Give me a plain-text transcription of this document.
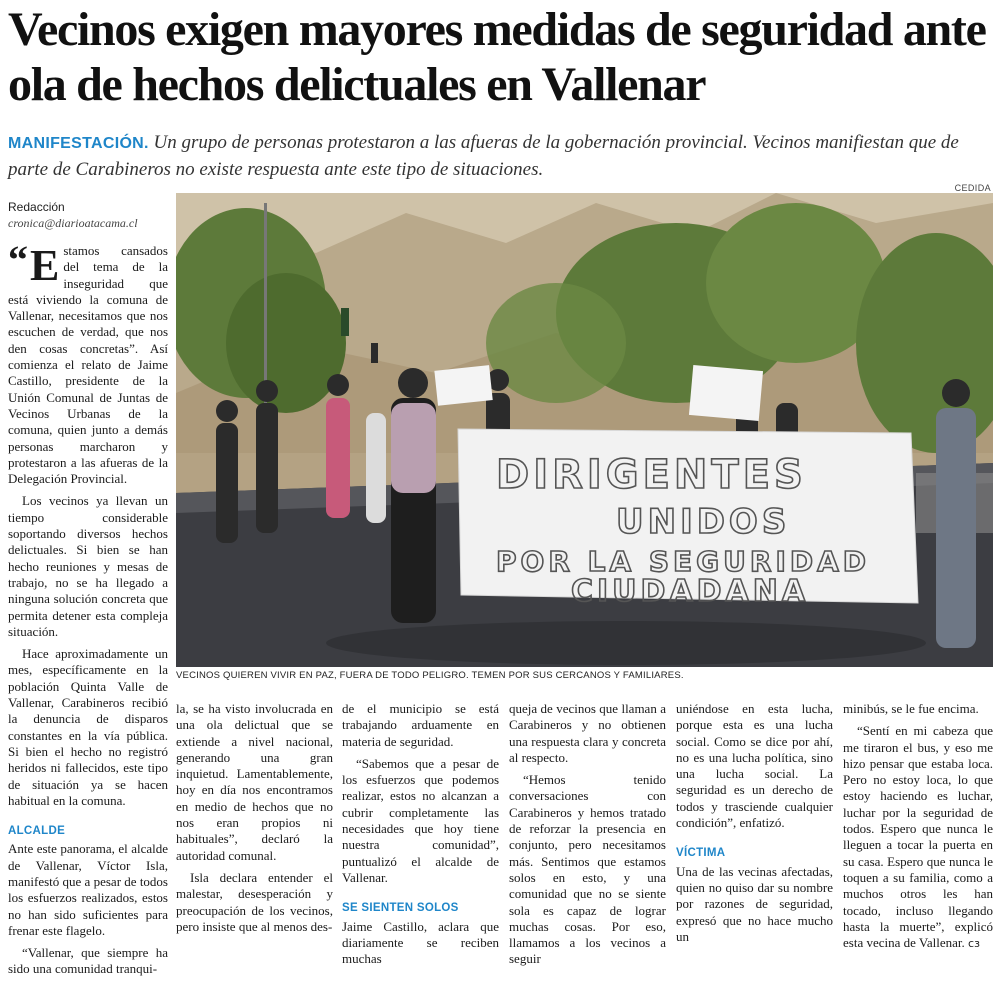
Vecinos exigen mayores medidas de seguridad ante ola de hechos delictuales en Vallenar
MANIFESTACIÓN. Un grupo de personas protestaron a las afueras de la gobernación provincial. Vecinos manifiestan que de parte de Carabineros no existe respuesta ante este tipo de situaciones.
Redacción
cronica@diarioatacama.cl
CEDIDA
DIRIGENTES
UNIDOS
POR LA SEGURIDAD
CIUDADANA
VECINOS QUIEREN VIVIR EN PAZ, FUERA DE TODO PELIGRO. TEMEN POR SUS CERCANOS Y FAMILIARES.

“ E stamos cansados del tema de la inseguridad que está viviendo la comuna de Vallenar, necesitamos que nos escuchen de verdad, que nos den cosas concretas”. Así comienza el relato de Jaime Castillo, presidente de la Unión Comunal de Juntas de Vecinos Urbanas de la comuna, quien junto a demás personas marcharon y protestaron a las afueras de la Delegación Provincial.

Los vecinos ya llevan un tiempo considerable soportando diversos hechos delictuales. Si bien se han hecho reuniones y mesas de trabajo, no se ha llegado a ninguna solución concreta que permita detener esta compleja situación.

Hace aproximadamente un mes, específicamente en la población Quinta Valle de Vallenar, Carabineros recibió la denuncia de disparos constantes en la vía pública. Si bien el hecho no registró heridos ni fallecidos, este tipo de situación ya se hacen habitual en la comuna.

ALCALDE

Ante este panorama, el alcalde de Vallenar, Víctor Isla, manifestó que a pesar de todos los esfuerzos realizados, estos no han sido suficientes para frenar este flagelo.

“Vallenar, que siempre ha sido una comunidad tranqui-

la, se ha visto involucrada en una ola delictual que se extiende a nivel nacional, generando una gran inquietud. Lamentablemente, hoy en día nos encontramos en medio de hechos que no nos eran propios ni habituales”, declaró la autoridad comunal.

Isla declara entender el malestar, desesperación y preocupación de los vecinos, pero insiste que al menos des-

de el municipio se está trabajando arduamente en materia de seguridad.

“Sabemos que a pesar de los esfuerzos que podemos realizar, estos no alcanzan a cubrir completamente las necesidades que hoy tiene nuestra comunidad”, puntualizó el alcalde de Vallenar.

SE SIENTEN SOLOS

Jaime Castillo, aclara que diariamente se reciben muchas

queja de vecinos que llaman a Carabineros y no obtienen una respuesta clara y concreta al respecto.

“Hemos tenido conversaciones con Carabineros y hemos tratado de reforzar la presencia en conjunto, pero necesitamos más. Sentimos que estamos solos en esto, y una comunidad que no se siente sola es capaz de lograr muchas cosas. Por eso, llamamos a los vecinos a seguir

uniéndose en esta lucha, porque esta es una lucha social. Como se dice por ahí, no es una lucha política, sino una lucha social. La seguridad es un derecho de todos y trasciende cualquier condición”, enfatizó.

VÍCTIMA

Una de las vecinas afectadas, quien no quiso dar su nombre por razones de seguridad, expresó que no hace mucho un

minibús, se le fue encima.

“Sentí en mi cabeza que me tiraron el bus, y eso me hizo pensar que estaba loca. Pero no estoy loca, lo que estoy haciendo es luchar, luchar por la seguridad de todos. Espero que nunca le lleguen a tocar la puerta en su casa. Espero que nunca le toquen a su familia, como a muchos otros les han tocado, incluso llegando hasta la muerte”, explicó esta vecina de Vallenar. cз
